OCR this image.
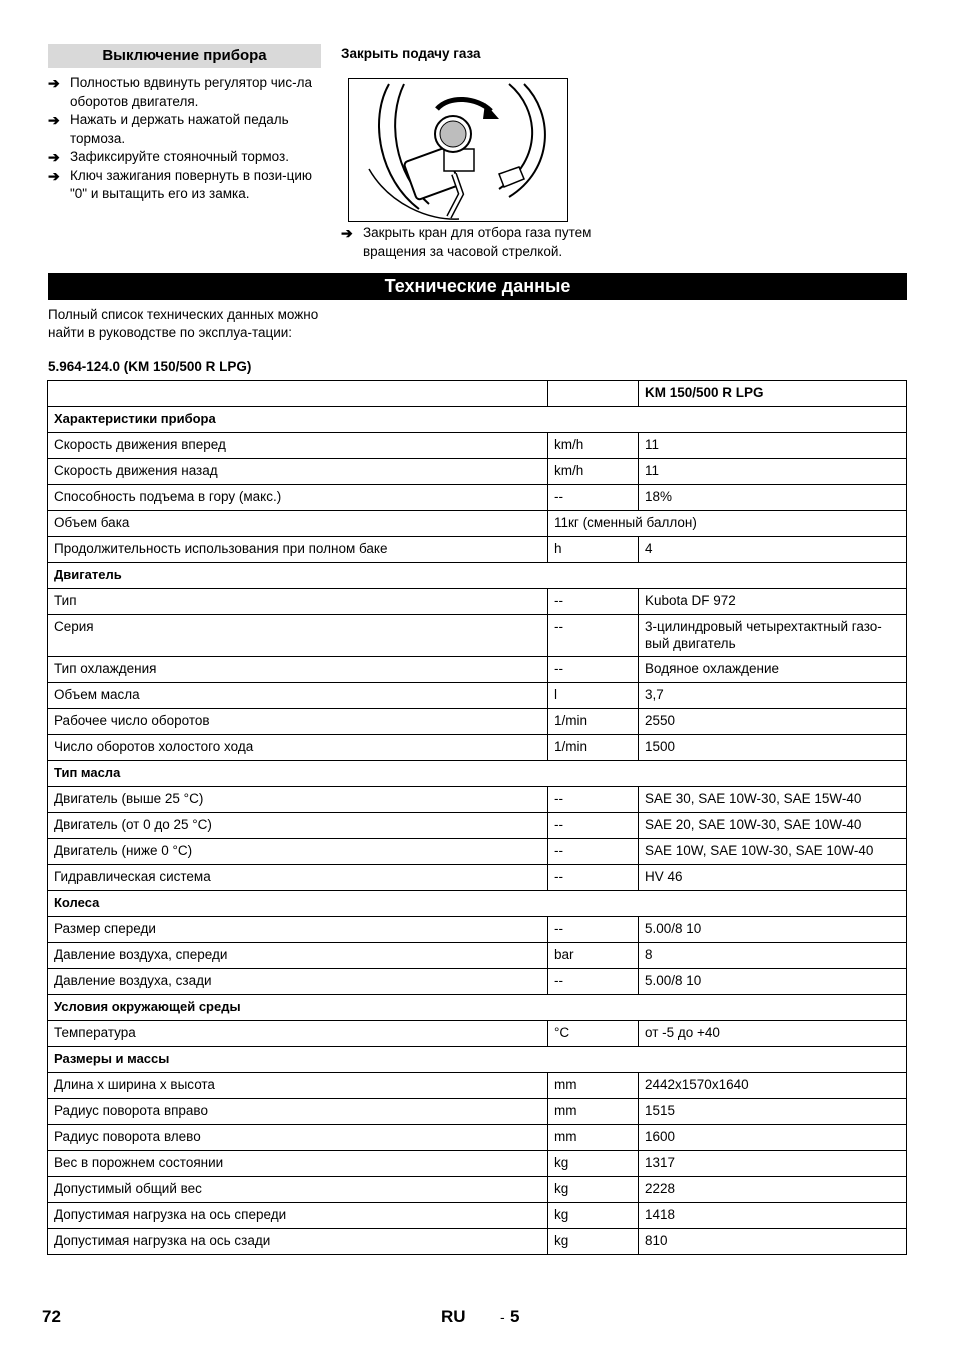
Выключение прибора
➔ Полностью вдвинуть регулятор чис-ла оборотов двигателя.
➔ Нажать и держать нажатой педаль тормоза.
➔ Зафиксируйте стояночный тормоз.
➔ Ключ зажигания повернуть в пози-цию "0" и вытащить его из замка.
Закрыть подачу газа
➔ Закрыть кран для отбора газа путем вращения за часовой стрелкой.
Технические данные
Полный список технических данных можно найти в руководстве по эксплуа-тации:
5.964-124.0 (KM 150/500 R LPG)
		KM 150/500 R LPG
Характеристики прибора		
Скорость движения вперед	km/h	11
Скорость движения назад	km/h	11
Способность подъема в гору (макс.)	--	18%
Объем бака	11кг (сменный баллон)	
Продолжительность использования при полном баке	h	4
Двигатель		
Тип	--	Kubota DF 972
Серия	--	3-цилиндровый четырехтактный газо-вый двигатель
Тип охлаждения	--	Водяное охлаждение
Объем масла	l	3,7
Рабочее число оборотов	1/min	2550
Число оборотов холостого хода	1/min	1500
Тип масла		
Двигатель (выше 25 °C)	--	SAE 30, SAE 10W-30, SAE 15W-40
Двигатель (от 0 до 25 °C)	--	SAE 20, SAE 10W-30, SAE 10W-40
Двигатель (ниже 0 °C)	--	SAE 10W, SAE 10W-30, SAE 10W-40
Гидравлическая система	--	HV 46
Колеса		
Размер спереди	--	5.00/8 10
Давление воздуха, спереди	bar	8
Давление воздуха, сзади	--	5.00/8 10
Условия окружающей среды		
Температура	°C	от -5 до +40
Размеры и массы		
Длина x ширина x высота	mm	2442x1570x1640
Радиус поворота вправо	mm	1515
Радиус поворота влево	mm	1600
Вес в порожнем состоянии	kg	1317
Допустимый общий вес	kg	2228
Допустимая нагрузка на ось спереди	kg	1418
Допустимая нагрузка на ось сзади	kg	810
72	RU - 5
